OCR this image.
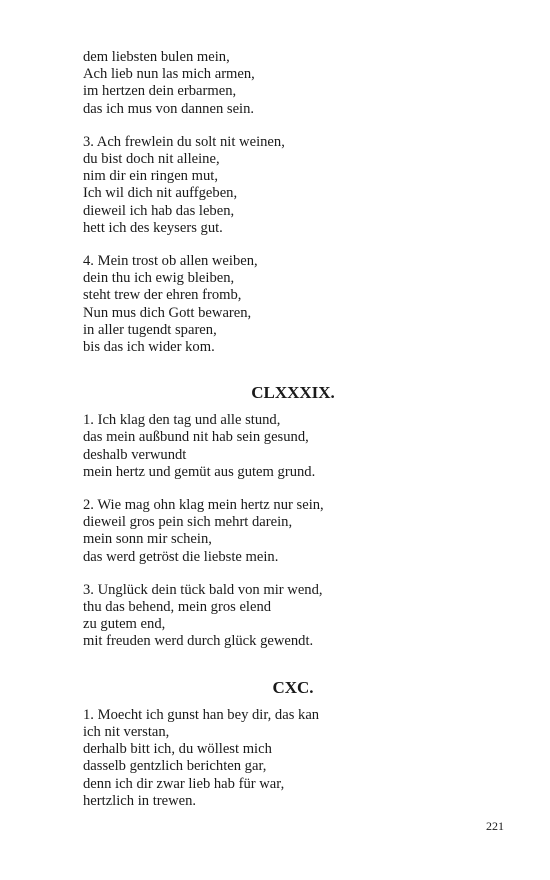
dem liebsten bulen mein,

Ach lieb nun las mich armen,

im hertzen dein erbarmen,

das ich mus von dannen sein.

3. Ach frewlein du solt nit weinen,

du bist doch nit alleine,

nim dir ein ringen mut,

Ich wil dich nit auffgeben,

dieweil ich hab das leben,

hett ich des keysers gut.

4. Mein trost ob allen weiben,

dein thu ich ewig bleiben,

steht trew der ehren fromb,

Nun mus dich Gott bewaren,

in aller tugendt sparen,

bis das ich wider kom.

CLXXXIX.

1. Ich klag den tag und alle stund,

das mein außbund nit hab sein gesund,

deshalb verwundt

mein hertz und gemüt aus gutem grund.

2. Wie mag ohn klag mein hertz nur sein,

dieweil gros pein sich mehrt darein,

mein sonn mir schein,

das werd getröst die liebste mein.

3. Unglück dein tück bald von mir wend,

thu das behend, mein gros elend

zu gutem end,

mit freuden werd durch glück gewendt.

CXC.

1. Moecht ich gunst han bey dir, das kan

ich nit verstan,

derhalb bitt ich, du wöllest mich

dasselb gentzlich berichten gar,

denn ich dir zwar lieb hab für war,

hertzlich in trewen.

221
